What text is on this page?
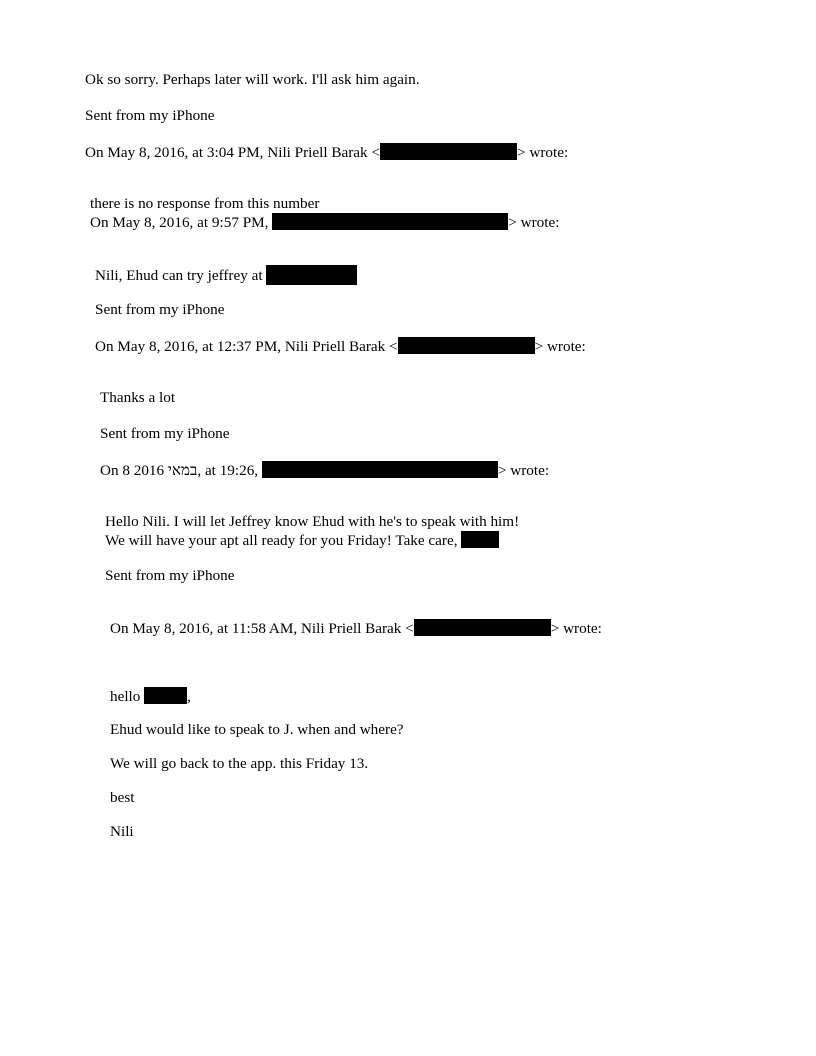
Ok so sorry. Perhaps later will work. I'll ask him again.
Sent from my iPhone
On May 8, 2016, at 3:04 PM, Nili Priell Barak <	> wrote:
there is no response from this number
On May 8, 2016, at 9:57 PM,	> wrote:
Nili, Ehud can try jeffrey at
Sent from my iPhone
On May 8, 2016, at 12:37 PM, Nili Priell Barak <	> wrote:
Thanks a lot
Sent from my iPhone
On 8 2016 במאי, at 19:26,	> wrote:
Hello Nili. I will let Jeffrey know Ehud with he's to speak with him!
We will have your apt all ready for you Friday! Take care,
Sent from my iPhone
On May 8, 2016, at 11:58 AM, Nili Priell Barak <	> wrote:
hello	,
Ehud would like to speak to J. when and where?
We will go back to the app. this Friday 13.
best
Nili
